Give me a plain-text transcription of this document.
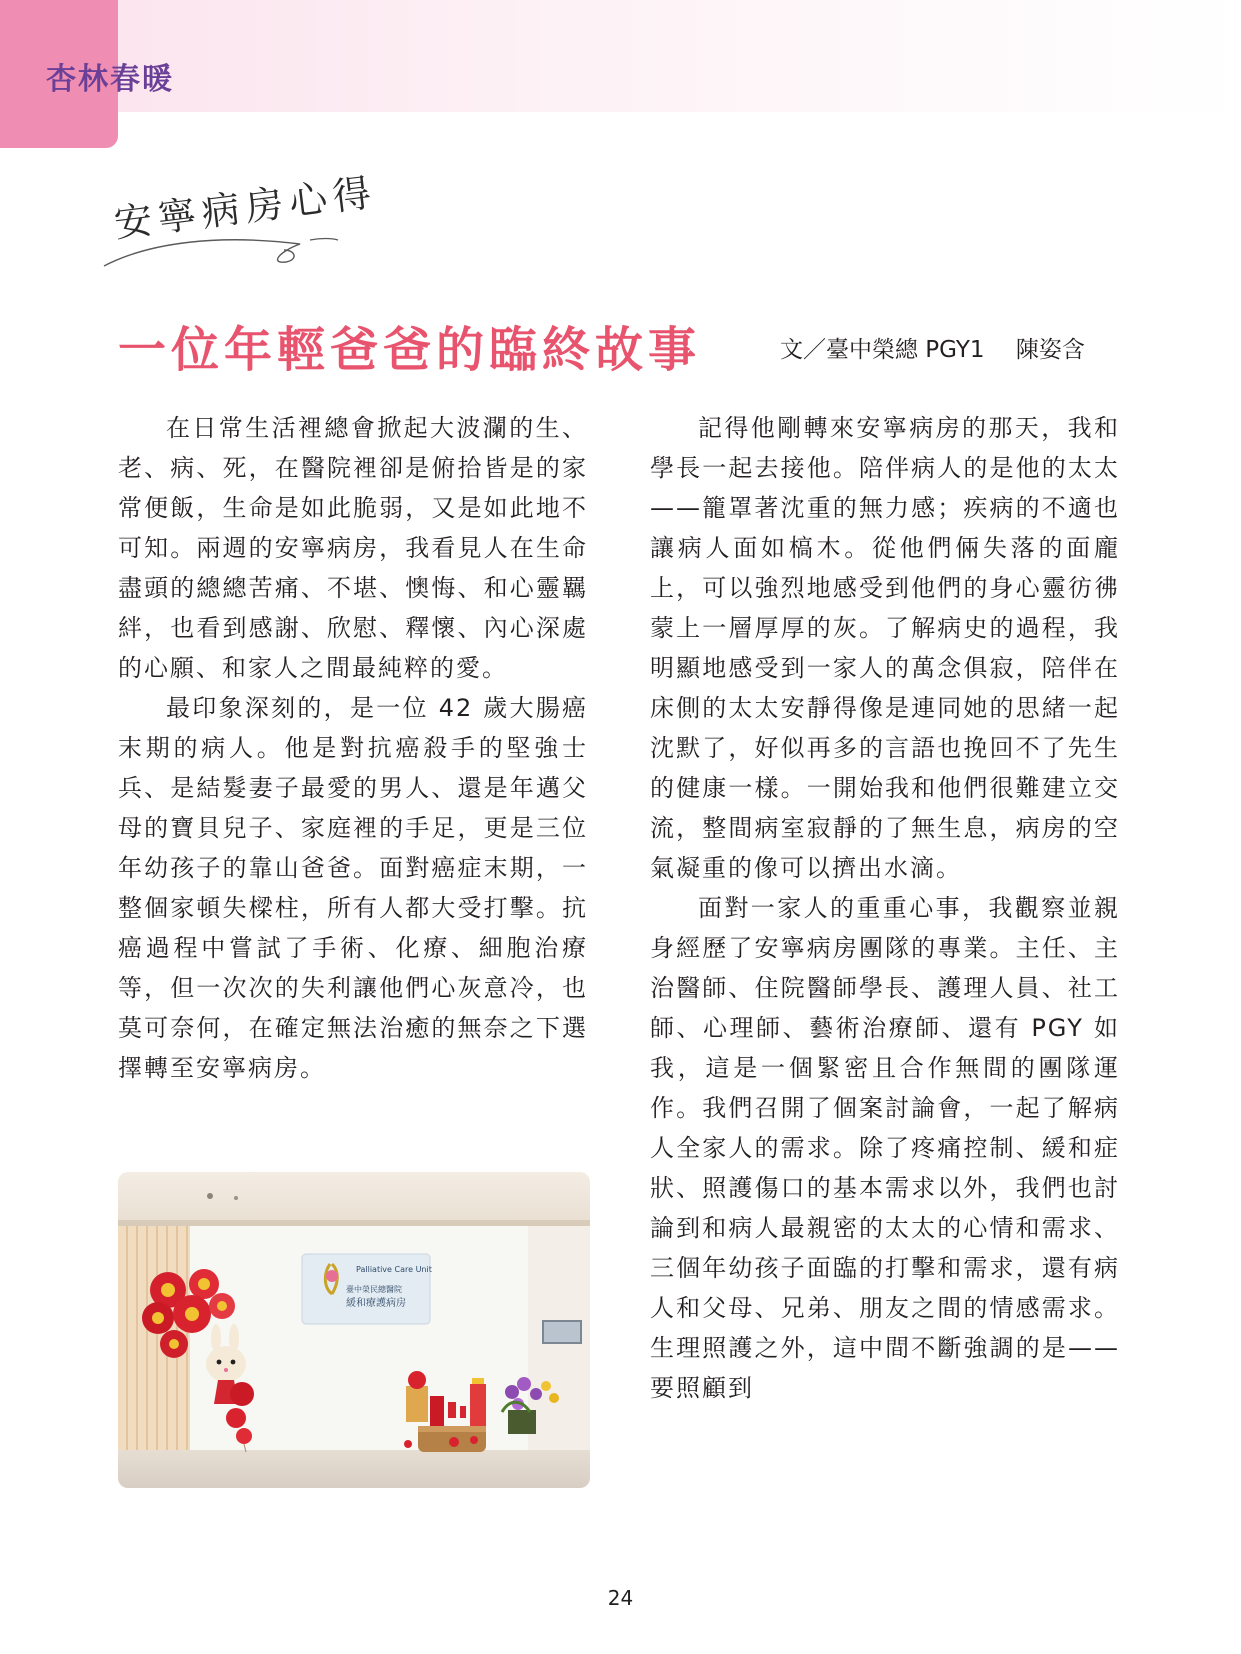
杏林春暖
安寧病房心得
一位年輕爸爸的臨終故事	文／臺中榮總 PGY1 陳姿含

在日常生活裡總會掀起大波瀾的生、老、病、死，在醫院裡卻是俯拾皆是的家常便飯，生命是如此脆弱，又是如此地不可知。兩週的安寧病房，我看見人在生命盡頭的總總苦痛、不堪、懊悔、和心靈羈絆，也看到感謝、欣慰、釋懷、內心深處的心願、和家人之間最純粹的愛。

最印象深刻的，是一位 42 歲大腸癌末期的病人。他是對抗癌殺手的堅強士兵、是結髮妻子最愛的男人、還是年邁父母的寶貝兒子、家庭裡的手足，更是三位年幼孩子的靠山爸爸。面對癌症末期，一整個家頓失樑柱，所有人都大受打擊。抗癌過程中嘗試了手術、化療、細胞治療等，但一次次的失利讓他們心灰意冷，也莫可奈何，在確定無法治癒的無奈之下選擇轉至安寧病房。

Palliative Care Unit
臺中榮民總醫院
緩和療護病房

記得他剛轉來安寧病房的那天，我和學長一起去接他。陪伴病人的是他的太太——籠罩著沈重的無力感；疾病的不適也讓病人面如槁木。從他們倆失落的面龐上，可以強烈地感受到他們的身心靈彷彿蒙上一層厚厚的灰。了解病史的過程，我明顯地感受到一家人的萬念俱寂，陪伴在床側的太太安靜得像是連同她的思緒一起沈默了，好似再多的言語也挽回不了先生的健康一樣。一開始我和他們很難建立交流，整間病室寂靜的了無生息，病房的空氣凝重的像可以擠出水滴。

面對一家人的重重心事，我觀察並親身經歷了安寧病房團隊的專業。主任、主治醫師、住院醫師學長、護理人員、社工師、心理師、藝術治療師、還有 PGY 如我，這是一個緊密且合作無間的團隊運作。我們召開了個案討論會，一起了解病人全家人的需求。除了疼痛控制、緩和症狀、照護傷口的基本需求以外，我們也討論到和病人最親密的太太的心情和需求、三個年幼孩子面臨的打擊和需求，還有病人和父母、兄弟、朋友之間的情感需求。生理照護之外，這中間不斷強調的是——要照顧到

24
